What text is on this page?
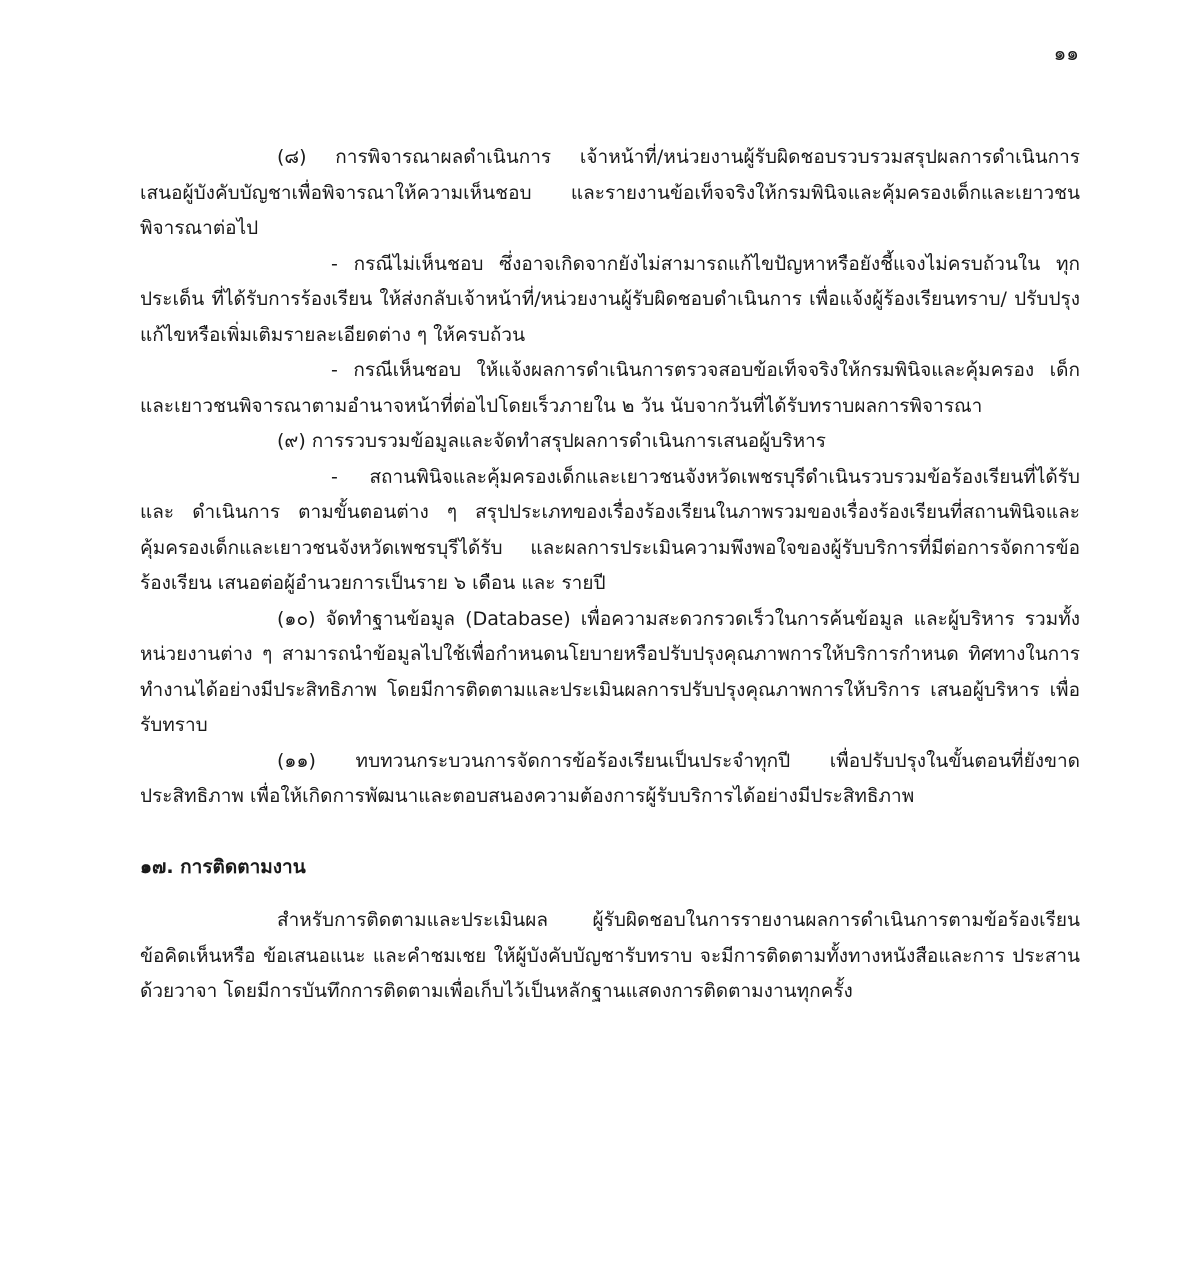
๑๑

(๘) การพิจารณาผลดำเนินการ เจ้าหน้าที่/หน่วยงานผู้รับผิดชอบรวบรวมสรุปผลการดำเนินการ เสนอผู้บังคับบัญชาเพื่อพิจารณาให้ความเห็นชอบ และรายงานข้อเท็จจริงให้กรมพินิจและคุ้มครองเด็กและเยาวชน พิจารณาต่อไป

- กรณีไม่เห็นชอบ ซึ่งอาจเกิดจากยังไม่สามารถแก้ไขปัญหาหรือยังชี้แจงไม่ครบถ้วนใน ทุกประเด็น ที่ได้รับการร้องเรียน ให้ส่งกลับเจ้าหน้าที่/หน่วยงานผู้รับผิดชอบดำเนินการ เพื่อแจ้งผู้ร้องเรียนทราบ/ ปรับปรุง แก้ไขหรือเพิ่มเติมรายละเอียดต่าง ๆ ให้ครบถ้วน

- กรณีเห็นชอบ ให้แจ้งผลการดำเนินการตรวจสอบข้อเท็จจริงให้กรมพินิจและคุ้มครอง เด็กและเยาวชนพิจารณาตามอำนาจหน้าที่ต่อไปโดยเร็วภายใน ๒ วัน นับจากวันที่ได้รับทราบผลการพิจารณา

(๙) การรวบรวมข้อมูลและจัดทำสรุปผลการดำเนินการเสนอผู้บริหาร

- สถานพินิจและคุ้มครองเด็กและเยาวชนจังหวัดเพชรบุรีดำเนินรวบรวมข้อร้องเรียนที่ได้รับ และ ดำเนินการ ตามขั้นตอนต่าง ๆ สรุปประเภทของเรื่องร้องเรียนในภาพรวมของเรื่องร้องเรียนที่สถานพินิจและ คุ้มครองเด็กและเยาวชนจังหวัดเพชรบุรีได้รับ และผลการประเมินความพึงพอใจของผู้รับบริการที่มีต่อการจัดการข้อ ร้องเรียน เสนอต่อผู้อำนวยการเป็นราย ๖ เดือน และ รายปี

(๑๐) จัดทำฐานข้อมูล (Database) เพื่อความสะดวกรวดเร็วในการค้นข้อมูล และผู้บริหาร รวมทั้ง หน่วยงานต่าง ๆ สามารถนำข้อมูลไปใช้เพื่อกำหนดนโยบายหรือปรับปรุงคุณภาพการให้บริการกำหนด ทิศทางในการ ทำงานได้อย่างมีประสิทธิภาพ โดยมีการติดตามและประเมินผลการปรับปรุงคุณภาพการให้บริการ เสนอผู้บริหาร เพื่อรับทราบ

(๑๑) ทบทวนกระบวนการจัดการข้อร้องเรียนเป็นประจำทุกปี เพื่อปรับปรุงในขั้นตอนที่ยังขาด ประสิทธิภาพ เพื่อให้เกิดการพัฒนาและตอบสนองความต้องการผู้รับบริการได้อย่างมีประสิทธิภาพ

๑๗. การติดตามงาน

สำหรับการติดตามและประเมินผล ผู้รับผิดชอบในการรายงานผลการดำเนินการตามข้อร้องเรียน ข้อคิดเห็นหรือ ข้อเสนอแนะ และคำชมเชย ให้ผู้บังคับบัญชารับทราบ จะมีการติดตามทั้งทางหนังสือและการ ประสานด้วยวาจา โดยมีการบันทึกการติดตามเพื่อเก็บไว้เป็นหลักฐานแสดงการติดตามงานทุกครั้ง
